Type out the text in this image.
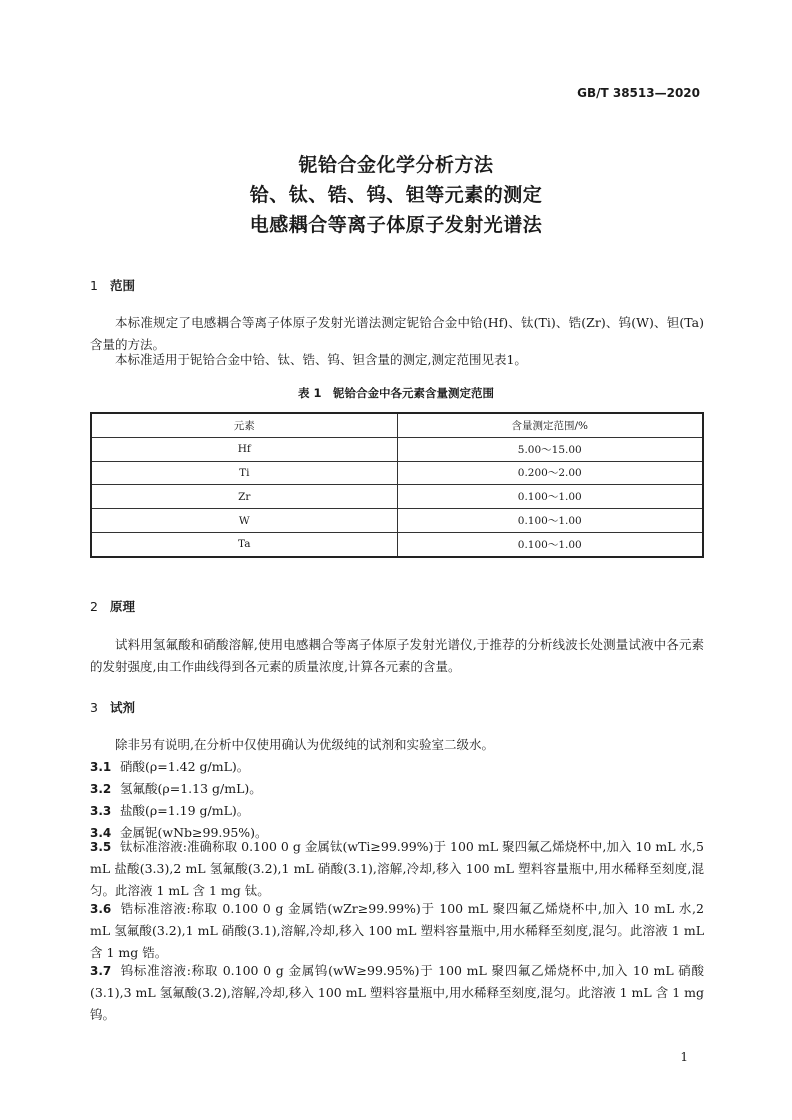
GB/T 38513—2020
铌铪合金化学分析方法
铪、钛、锆、钨、钽等元素的测定
电感耦合等离子体原子发射光谱法
1 范围
本标准规定了电感耦合等离子体原子发射光谱法测定铌铪合金中铪(Hf)、钛(Ti)、锆(Zr)、钨(W)、钽(Ta)含量的方法。
本标准适用于铌铪合金中铪、钛、锆、钨、钽含量的测定,测定范围见表1。
表 1　铌铪合金中各元素含量测定范围
元素	含量测定范围/%
Hf	5.00～15.00
Ti	0.200～2.00
Zr	0.100～1.00
W	0.100～1.00
Ta	0.100～1.00
2 原理
试料用氢氟酸和硝酸溶解,使用电感耦合等离子体原子发射光谱仪,于推荐的分析线波长处测量试液中各元素的发射强度,由工作曲线得到各元素的质量浓度,计算各元素的含量。
3 试剂
除非另有说明,在分析中仅使用确认为优级纯的试剂和实验室二级水。
3.1 硝酸(ρ=1.42 g/mL)。
3.2 氢氟酸(ρ=1.13 g/mL)。
3.3 盐酸(ρ=1.19 g/mL)。
3.4 金属铌(wNb≥99.95%)。
3.5 钛标准溶液:准确称取 0.100 0 g 金属钛(wTi≥99.99%)于 100 mL 聚四氟乙烯烧杯中,加入 10 mL 水,5 mL 盐酸(3.3),2 mL 氢氟酸(3.2),1 mL 硝酸(3.1),溶解,冷却,移入 100 mL 塑料容量瓶中,用水稀释至刻度,混匀。此溶液 1 mL 含 1 mg 钛。
3.6 锆标准溶液:称取 0.100 0 g 金属锆(wZr≥99.99%)于 100 mL 聚四氟乙烯烧杯中,加入 10 mL 水,2 mL 氢氟酸(3.2),1 mL 硝酸(3.1),溶解,冷却,移入 100 mL 塑料容量瓶中,用水稀释至刻度,混匀。此溶液 1 mL 含 1 mg 锆。
3.7 钨标准溶液:称取 0.100 0 g 金属钨(wW≥99.95%)于 100 mL 聚四氟乙烯烧杯中,加入 10 mL 硝酸(3.1),3 mL 氢氟酸(3.2),溶解,冷却,移入 100 mL 塑料容量瓶中,用水稀释至刻度,混匀。此溶液 1 mL 含 1 mg 钨。
1
